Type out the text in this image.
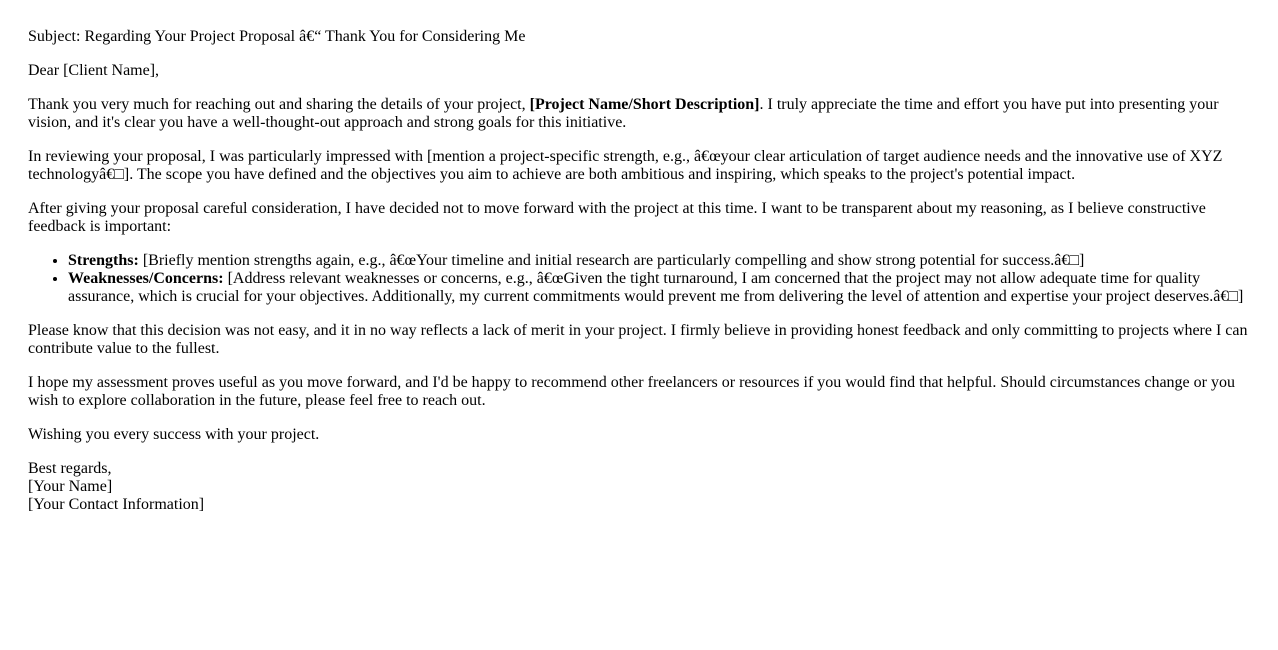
Subject: Regarding Your Project Proposal â€“ Thank You for Considering Me

Dear [Client Name],

Thank you very much for reaching out and sharing the details of your project, [Project Name/Short Description]. I truly appreciate the time and effort you have put into presenting your vision, and it's clear you have a well-thought-out approach and strong goals for this initiative.

In reviewing your proposal, I was particularly impressed with [mention a project-specific strength, e.g., â€œyour clear articulation of target audience needs and the innovative use of XYZ technologyâ€□]. The scope you have defined and the objectives you aim to achieve are both ambitious and inspiring, which speaks to the project's potential impact.

After giving your proposal careful consideration, I have decided not to move forward with the project at this time. I want to be transparent about my reasoning, as I believe constructive feedback is important:

• Strengths: [Briefly mention strengths again, e.g., â€œYour timeline and initial research are particularly compelling and show strong potential for success.â€□]
• Weaknesses/Concerns: [Address relevant weaknesses or concerns, e.g., â€œGiven the tight turnaround, I am concerned that the project may not allow adequate time for quality assurance, which is crucial for your objectives. Additionally, my current commitments would prevent me from delivering the level of attention and expertise your project deserves.â€□]

Please know that this decision was not easy, and it in no way reflects a lack of merit in your project. I firmly believe in providing honest feedback and only committing to projects where I can contribute value to the fullest.

I hope my assessment proves useful as you move forward, and I'd be happy to recommend other freelancers or resources if you would find that helpful. Should circumstances change or you wish to explore collaboration in the future, please feel free to reach out.

Wishing you every success with your project.

Best regards,
[Your Name]
[Your Contact Information]
